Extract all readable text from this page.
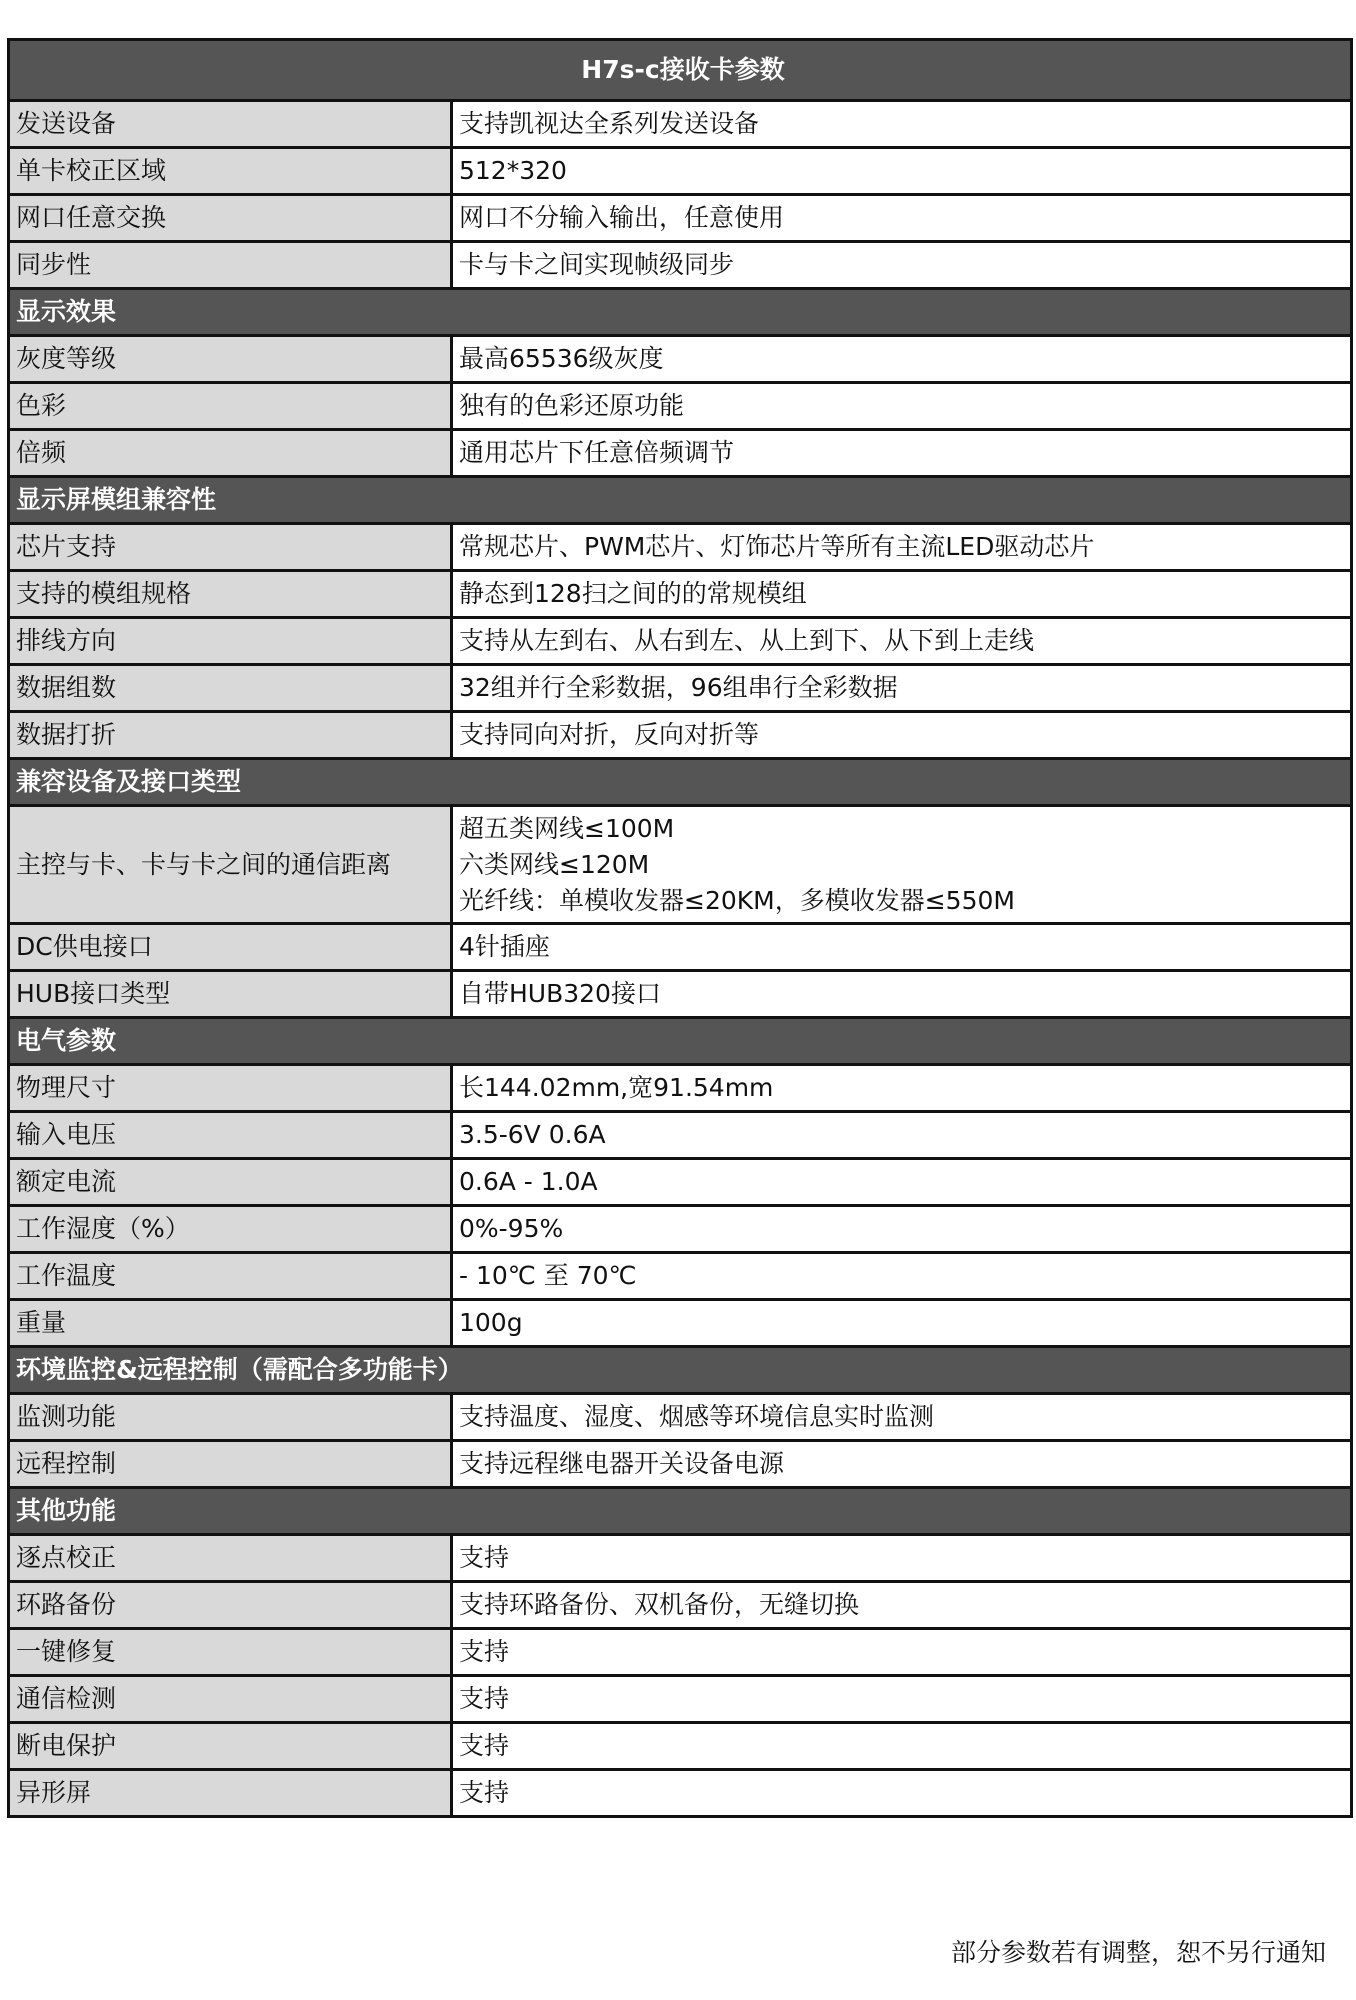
H7s-c接收卡参数	
发送设备	支持凯视达全系列发送设备
单卡校正区域	512*320
网口任意交换	网口不分输入输出，任意使用
同步性	卡与卡之间实现帧级同步
显示效果	
灰度等级	最高65536级灰度
色彩	独有的色彩还原功能
倍频	通用芯片下任意倍频调节
显示屏模组兼容性	
芯片支持	常规芯片、PWM芯片、灯饰芯片等所有主流LED驱动芯片
支持的模组规格	静态到128扫之间的的常规模组
排线方向	支持从左到右、从右到左、从上到下、从下到上走线
数据组数	32组并行全彩数据，96组串行全彩数据
数据打折	支持同向对折，反向对折等
兼容设备及接口类型	
主控与卡、卡与卡之间的通信距离	超五类网线≤100M
六类网线≤120M
光纤线：单模收发器≤20KM，多模收发器≤550M

DC供电接口	4针插座
HUB接口类型	自带HUB320接口
电气参数	
物理尺寸	长144.02mm,宽91.54mm
输入电压	3.5-6V 0.6A
额定电流	0.6A - 1.0A
工作湿度（%）	0%-95%
工作温度	- 10℃ 至 70℃
重量	100g
环境监控&远程控制（需配合多功能卡）	
监测功能	支持温度、湿度、烟感等环境信息实时监测
远程控制	支持远程继电器开关设备电源
其他功能	
逐点校正	支持
环路备份	支持环路备份、双机备份，无缝切换
一键修复	支持
通信检测	支持
断电保护	支持
异形屏	支持
部分参数若有调整，恕不另行通知
